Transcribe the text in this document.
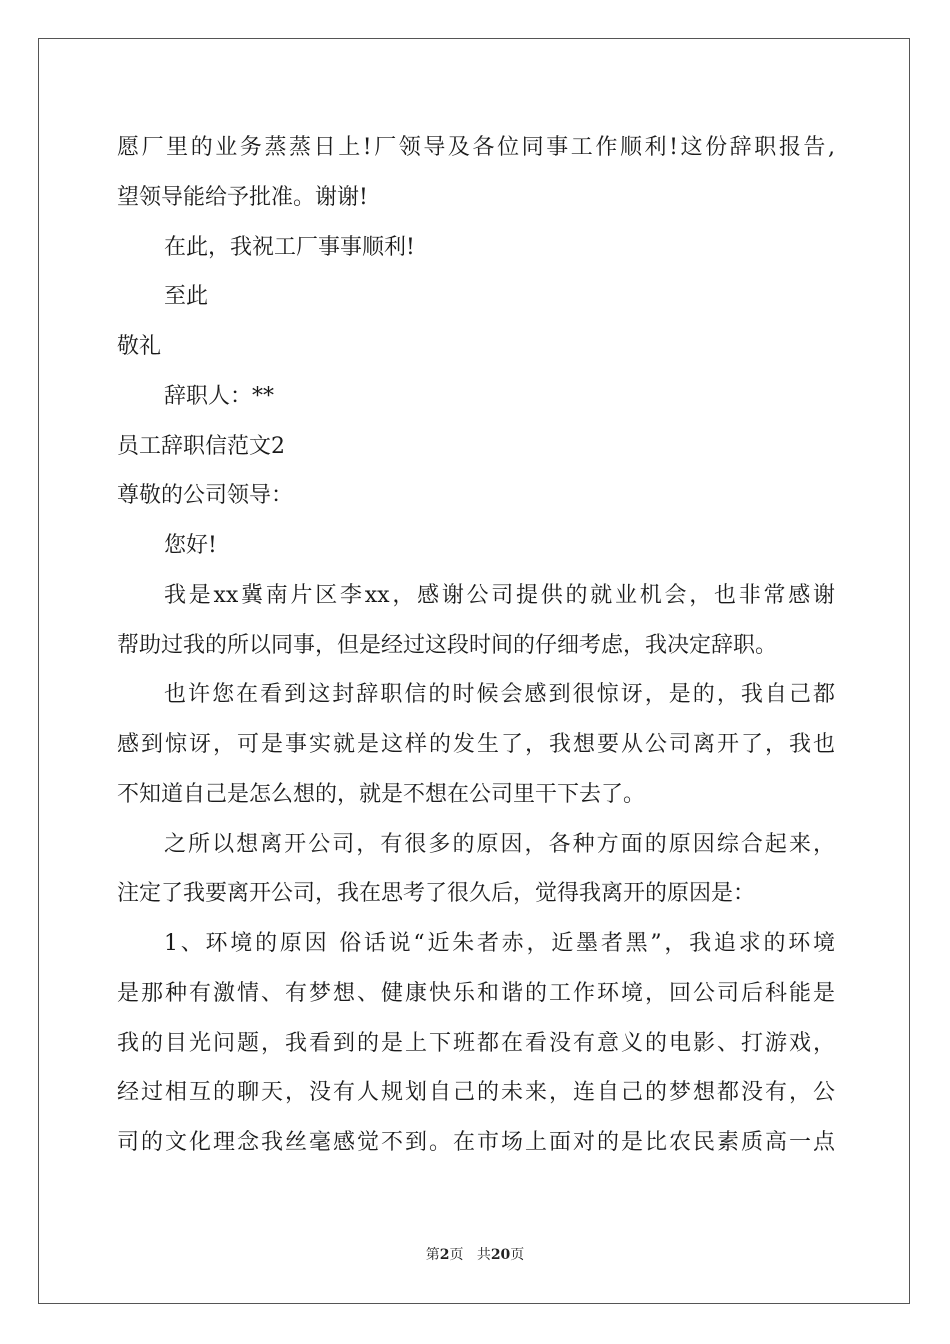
愿厂里的业务蒸蒸日上!厂领导及各位同事工作顺利!这份辞职报告,
望领导能给予批准。谢谢!
在此，我祝工厂事事顺利!
至此
敬礼
辞职人：**
员工辞职信范文2
尊敬的公司领导：
您好!
我是xx冀南片区李xx，感谢公司提供的就业机会，也非常感谢
帮助过我的所以同事，但是经过这段时间的仔细考虑，我决定辞职。
也许您在看到这封辞职信的时候会感到很惊讶，是的，我自己都
感到惊讶，可是事实就是这样的发生了，我想要从公司离开了，我也
不知道自己是怎么想的，就是不想在公司里干下去了。
之所以想离开公司，有很多的原因，各种方面的原因综合起来，
注定了我要离开公司，我在思考了很久后，觉得我离开的原因是：
1、环境的原因 俗话说“近朱者赤，近墨者黑”，我追求的环境
是那种有激情、有梦想、健康快乐和谐的工作环境，回公司后科能是
我的目光问题，我看到的是上下班都在看没有意义的电影、打游戏，
经过相互的聊天，没有人规划自己的未来，连自己的梦想都没有，公
司的文化理念我丝毫感觉不到。在市场上面对的是比农民素质高一点
第2页 共20页
